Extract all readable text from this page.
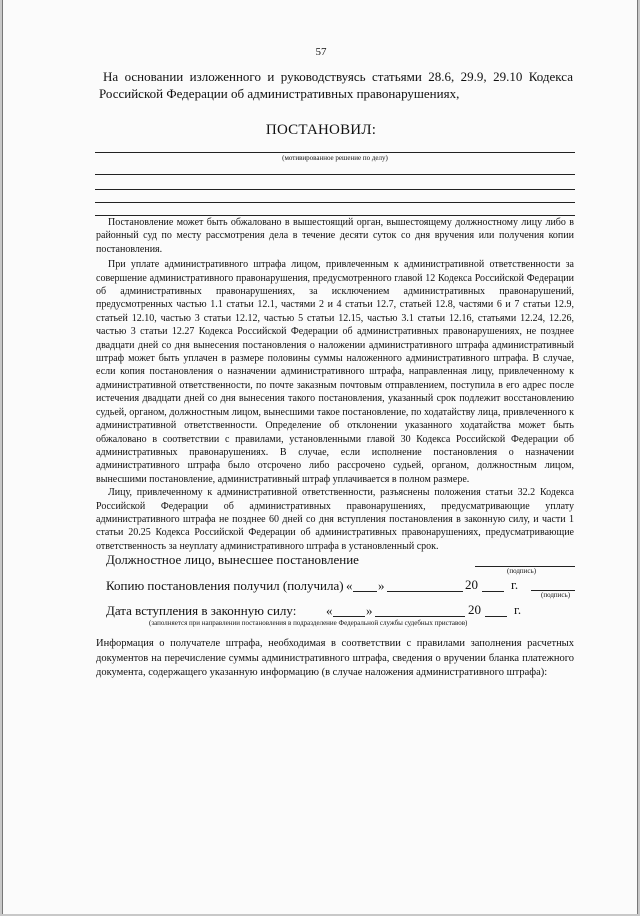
57
На основании изложенного и руководствуясь статьями 28.6, 29.9, 29.10 Кодекса Российской Федерации об административных правонарушениях,
ПОСТАНОВИЛ:
(мотивированное решение по делу)

Постановление может быть обжаловано в вышестоящий орган, вышестоящему должностному лицу либо в районный суд по месту рассмотрения дела в течение десяти суток со дня вручения или получения копии постановления.

При уплате административного штрафа лицом, привлеченным к административной ответственности за совершение административного правонарушения, предусмотренного главой 12 Кодекса Российской Федерации об административных правонарушениях, за исключением административных правонарушений, предусмотренных частью 1.1 статьи 12.1, частями 2 и 4 статьи 12.7, статьей 12.8, частями 6 и 7 статьи 12.9, статьей 12.10, частью 3 статьи 12.12, частью 5 статьи 12.15, частью 3.1 статьи 12.16, статьями 12.24, 12.26, частью 3 статьи 12.27 Кодекса Российской Федерации об административных правонарушениях, не позднее двадцати дней со дня вынесения постановления о наложении административного штрафа административный штраф может быть уплачен в размере половины суммы наложенного административного штрафа. В случае, если копия постановления о назначении административного штрафа, направленная лицу, привлеченному к административной ответственности, по почте заказным почтовым отправлением, поступила в его адрес после истечения двадцати дней со дня вынесения такого постановления, указанный срок подлежит восстановлению судьей, органом, должностным лицом, вынесшими такое постановление, по ходатайству лица, привлеченного к административной ответственности. Определение об отклонении указанного ходатайства может быть обжаловано в соответствии с правилами, установленными главой 30 Кодекса Российской Федерации об административных правонарушениях. В случае, если исполнение постановления о назначении административного штрафа было отсрочено либо рассрочено судьей, органом, должностным лицом, вынесшими постановление, административный штраф уплачивается в полном размере.

Лицу, привлеченному к административной ответственности, разъяснены положения статьи 32.2 Кодекса Российской Федерации об административных правонарушениях, предусматривающие уплату административного штрафа не позднее 60 дней со дня вступления постановления в законную силу, и части 1 статьи 20.25 Кодекса Российской Федерации об административных правонарушениях, предусматривающие ответственность за неуплату административного штрафа в установленный срок.

Должностное лицо, вынесшее постановление
(подпись)
Копию постановления получил (получила) « »	20	г.
(подпись)
Дата вступления в законную силу: «	»	20	г.
(заполняется при направлении постановления в подразделение Федеральной службы судебных приставов)
Информация о получателе штрафа, необходимая в соответствии с правилами заполнения расчетных документов на перечисление суммы административного штрафа, сведения о вручении бланка платежного документа, содержащего указанную информацию (в случае наложения административного штрафа):
